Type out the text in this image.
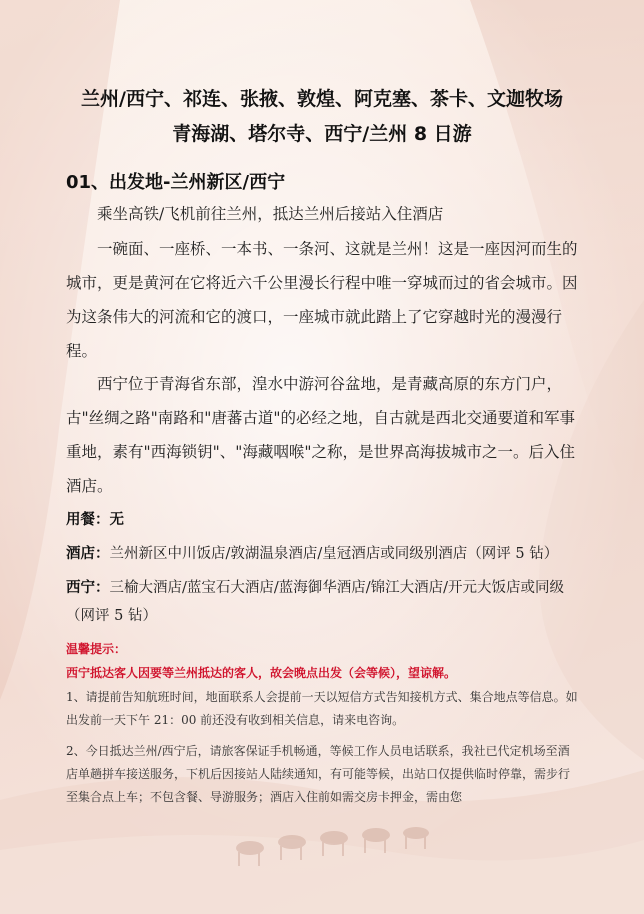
兰州/西宁、祁连、张掖、敦煌、阿克塞、茶卡、文迦牧场
青海湖、塔尔寺、西宁/兰州 8 日游
01、出发地-兰州新区/西宁
乘坐高铁/飞机前往兰州，抵达兰州后接站入住酒店
一碗面、一座桥、一本书、一条河、这就是兰州！这是一座因河而生的城市，更是黄河在它将近六千公里漫长行程中唯一穿城而过的省会城市。因为这条伟大的河流和它的渡口，一座城市就此踏上了它穿越时光的漫漫行程。
西宁位于青海省东部，湟水中游河谷盆地，是青藏高原的东方门户，古"丝绸之路"南路和"唐蕃古道"的必经之地，自古就是西北交通要道和军事重地，素有"西海锁钥"、"海藏咽喉"之称，是世界高海拔城市之一。后入住酒店。
用餐：无
酒店：兰州新区中川饭店/敦湖温泉酒店/皇冠酒店或同级别酒店（网评 5 钻）
西宁：三榆大酒店/蓝宝石大酒店/蓝海御华酒店/锦江大酒店/开元大饭店或同级（网评 5 钻）
温馨提示：
西宁抵达客人因要等兰州抵达的客人，故会晚点出发（会等候），望谅解。
1、请提前告知航班时间，地面联系人会提前一天以短信方式告知接机方式、集合地点等信息。如出发前一天下午 21：00 前还没有收到相关信息，请来电咨询。
2、今日抵达兰州/西宁后，请旅客保证手机畅通，等候工作人员电话联系，我社已代定机场至酒店单趟拼车接送服务，下机后因接站人陆续通知，有可能等候，出站口仅提供临时停靠，需步行至集合点上车；不包含餐、导游服务；酒店入住前如需交房卡押金，需由您
